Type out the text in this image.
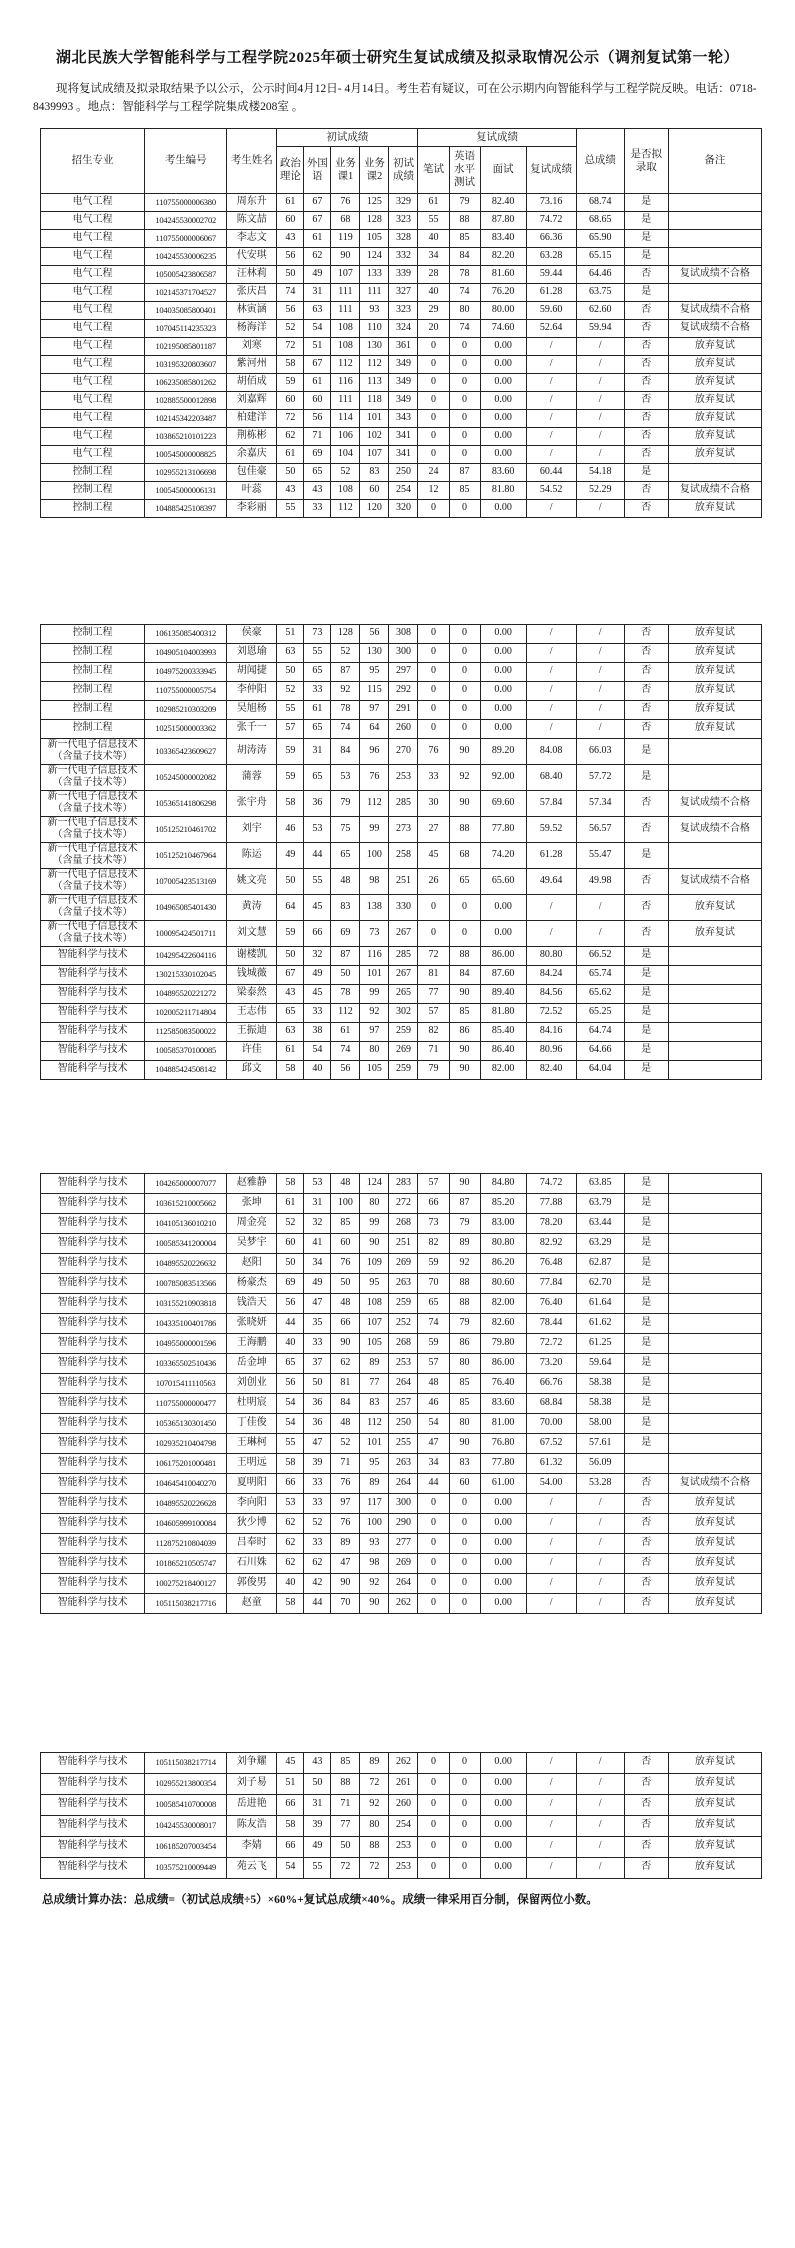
湖北民族大学智能科学与工程学院2025年硕士研究生复试成绩及拟录取情况公示（调剂复试第一轮）
现将复试成绩及拟录取结果予以公示，公示时间4月12日- 4月14日。考生若有疑议，可在公示期内向智能科学与工程学院反映。电话：0718-8439993 。地点：智能科学与工程学院集成楼208室 。
招生专业	考生编号	考生姓名	初试成绩					复试成绩				总成绩	是否拟录取	备注
			政治理论	外国语	业务课1	业务课2	初试成绩	笔试	英语水平测试	面试	复试成绩			
电气工程	110755000006380	周东升	61	67	76	125	329	61	79	82.40	73.16	68.74	是	
电气工程	104245530002702	陈文喆	60	67	68	128	323	55	88	87.80	74.72	68.65	是	
电气工程	110755000006067	李志文	43	61	119	105	328	40	85	83.40	66.36	65.90	是	
电气工程	104245530006235	代安琪	56	62	90	124	332	34	84	82.20	63.28	65.15	是	
电气工程	105005423806587	汪林莉	50	49	107	133	339	28	78	81.60	59.44	64.46	否	复试成绩不合格
电气工程	102145371704527	张庆昌	74	31	111	111	327	40	74	76.20	61.28	63.75	是	
电气工程	104035085800401	林寅涵	56	63	111	93	323	29	80	80.00	59.60	62.60	否	复试成绩不合格
电气工程	107045114235323	杨海洋	52	54	108	110	324	20	74	74.60	52.64	59.94	否	复试成绩不合格
电气工程	102195085801187	刘寒	72	51	108	130	361	0	0	0.00	/	/	否	放弃复试
电气工程	103195320803607	紫河州	58	67	112	112	349	0	0	0.00	/	/	否	放弃复试
电气工程	106235085801262	胡佰成	59	61	116	113	349	0	0	0.00	/	/	否	放弃复试
电气工程	102885500012898	刘嘉辉	60	60	111	118	349	0	0	0.00	/	/	否	放弃复试
电气工程	102145342203487	柏建洋	72	56	114	101	343	0	0	0.00	/	/	否	放弃复试
电气工程	103865210101223	荆栋彬	62	71	106	102	341	0	0	0.00	/	/	否	放弃复试
电气工程	100545000008825	余嘉庆	61	69	104	107	341	0	0	0.00	/	/	否	放弃复试
控制工程	102955213106698	包佳豪	50	65	52	83	250	24	87	83.60	60.44	54.18	是	
控制工程	100545000006131	叶蕊	43	43	108	60	254	12	85	81.80	54.52	52.29	否	复试成绩不合格
控制工程	104885425108397	李彩丽	55	33	112	120	320	0	0	0.00	/	/	否	放弃复试
控制工程	106135085400312	侯豪	51	73	128	56	308	0	0	0.00	/	/	否	放弃复试
控制工程	104905104003993	刘恩瑜	63	55	52	130	300	0	0	0.00	/	/	否	放弃复试
控制工程	104975200333945	胡闻捷	50	65	87	95	297	0	0	0.00	/	/	否	放弃复试
控制工程	110755000005754	李仲阳	52	33	92	115	292	0	0	0.00	/	/	否	放弃复试
控制工程	102985210303209	吴旭杨	55	61	78	97	291	0	0	0.00	/	/	否	放弃复试
控制工程	102515000003362	张千一	57	65	74	64	260	0	0	0.00	/	/	否	放弃复试
新一代电子信息技术（含量子技术等）	103365423609627	胡涛涛	59	31	84	96	270	76	90	89.20	84.08	66.03	是	
新一代电子信息技术（含量子技术等）	105245000002082	蒲蓉	59	65	53	76	253	33	92	92.00	68.40	57.72	是	
新一代电子信息技术（含量子技术等）	105365141806298	张宇舟	58	36	79	112	285	30	90	69.60	57.84	57.34	否	复试成绩不合格
新一代电子信息技术（含量子技术等）	105125210461702	刘宇	46	53	75	99	273	27	88	77.80	59.52	56.57	否	复试成绩不合格
新一代电子信息技术（含量子技术等）	105125210467964	陈运	49	44	65	100	258	45	68	74.20	61.28	55.47	是	
新一代电子信息技术（含量子技术等）	107005423513169	姚文亮	50	55	48	98	251	26	65	65.60	49.64	49.98	否	复试成绩不合格
新一代电子信息技术（含量子技术等）	104965085401430	黄涛	64	45	83	138	330	0	0	0.00	/	/	否	放弃复试
新一代电子信息技术（含量子技术等）	100095424501711	刘文慧	59	66	69	73	267	0	0	0.00	/	/	否	放弃复试
智能科学与技术	104295422604116	谢楼凯	50	32	87	116	285	72	88	86.00	80.80	66.52	是	
智能科学与技术	130215330102045	钱城薇	67	49	50	101	267	81	84	87.60	84.24	65.74	是	
智能科学与技术	104895520221272	梁泰然	43	45	78	99	265	77	90	89.40	84.56	65.62	是	
智能科学与技术	102005211714804	王志伟	65	33	112	92	302	57	85	81.80	72.52	65.25	是	
智能科学与技术	112585083500022	王振迪	63	38	61	97	259	82	86	85.40	84.16	64.74	是	
智能科学与技术	100585370100085	许佳	61	54	74	80	269	71	90	86.40	80.96	64.66	是	
智能科学与技术	104885424508142	邱文	58	40	56	105	259	79	90	82.00	82.40	64.04	是	
智能科学与技术	104265000007077	赵雅静	58	53	48	124	283	57	90	84.80	74.72	63.85	是	
智能科学与技术	103615210005662	张坤	61	31	100	80	272	66	87	85.20	77.88	63.79	是	
智能科学与技术	104105136010210	周金亮	52	32	85	99	268	73	79	83.00	78.20	63.44	是	
智能科学与技术	100585341200004	吴梦宇	60	41	60	90	251	82	89	80.80	82.92	63.29	是	
智能科学与技术	104895520226632	赵阳	50	34	76	109	269	59	92	86.20	76.48	62.87	是	
智能科学与技术	100785083513566	杨豪杰	69	49	50	95	263	70	88	80.60	77.84	62.70	是	
智能科学与技术	103155210903818	钱浩天	56	47	48	108	259	65	88	82.00	76.40	61.64	是	
智能科学与技术	104335100401786	张晓妍	44	35	66	107	252	74	79	82.60	78.44	61.62	是	
智能科学与技术	104955000001596	王海鹏	40	33	90	105	268	59	86	79.80	72.72	61.25	是	
智能科学与技术	103365502510436	岳金坤	65	37	62	89	253	57	80	86.00	73.20	59.64	是	
智能科学与技术	107015411110563	刘创业	56	50	81	77	264	48	85	76.40	66.76	58.38	是	
智能科学与技术	110755000000477	杜明宸	54	36	84	83	257	46	85	83.60	68.84	58.38	是	
智能科学与技术	105365130301450	丁佳俊	54	36	48	112	250	54	80	81.00	70.00	58.00	是	
智能科学与技术	102935210404798	王琳柯	55	47	52	101	255	47	90	76.80	67.52	57.61	是	
智能科学与技术	106175201000481	王明远	58	39	71	95	263	34	83	77.80	61.32	56.09		
智能科学与技术	104645410040270	夏明阳	66	33	76	89	264	44	60	61.00	54.00	53.28	否	复试成绩不合格
智能科学与技术	104895520226628	李向阳	53	33	97	117	300	0	0	0.00	/	/	否	放弃复试
智能科学与技术	104605999100084	狄少博	62	52	76	100	290	0	0	0.00	/	/	否	放弃复试
智能科学与技术	112875210804039	吕奉时	62	33	89	93	277	0	0	0.00	/	/	否	放弃复试
智能科学与技术	101865210505747	石川姝	62	62	47	98	269	0	0	0.00	/	/	否	放弃复试
智能科学与技术	100275218400127	郭俊男	40	42	90	92	264	0	0	0.00	/	/	否	放弃复试
智能科学与技术	105115038217716	赵童	58	44	70	90	262	0	0	0.00	/	/	否	放弃复试
智能科学与技术	105115038217714	刘争耀	45	43	85	89	262	0	0	0.00	/	/	否	放弃复试
智能科学与技术	102955213800354	刘子易	51	50	88	72	261	0	0	0.00	/	/	否	放弃复试
智能科学与技术	100585410700008	岳进艳	66	31	71	92	260	0	0	0.00	/	/	否	放弃复试
智能科学与技术	104245530008017	陈友浩	58	39	77	80	254	0	0	0.00	/	/	否	放弃复试
智能科学与技术	106185207003454	李婧	66	49	50	88	253	0	0	0.00	/	/	否	放弃复试
智能科学与技术	103575210009449	苑云飞	54	55	72	72	253	0	0	0.00	/	/	否	放弃复试
总成绩计算办法：总成绩=（初试总成绩÷5）×60%+复试总成绩×40%。成绩一律采用百分制，保留两位小数。
